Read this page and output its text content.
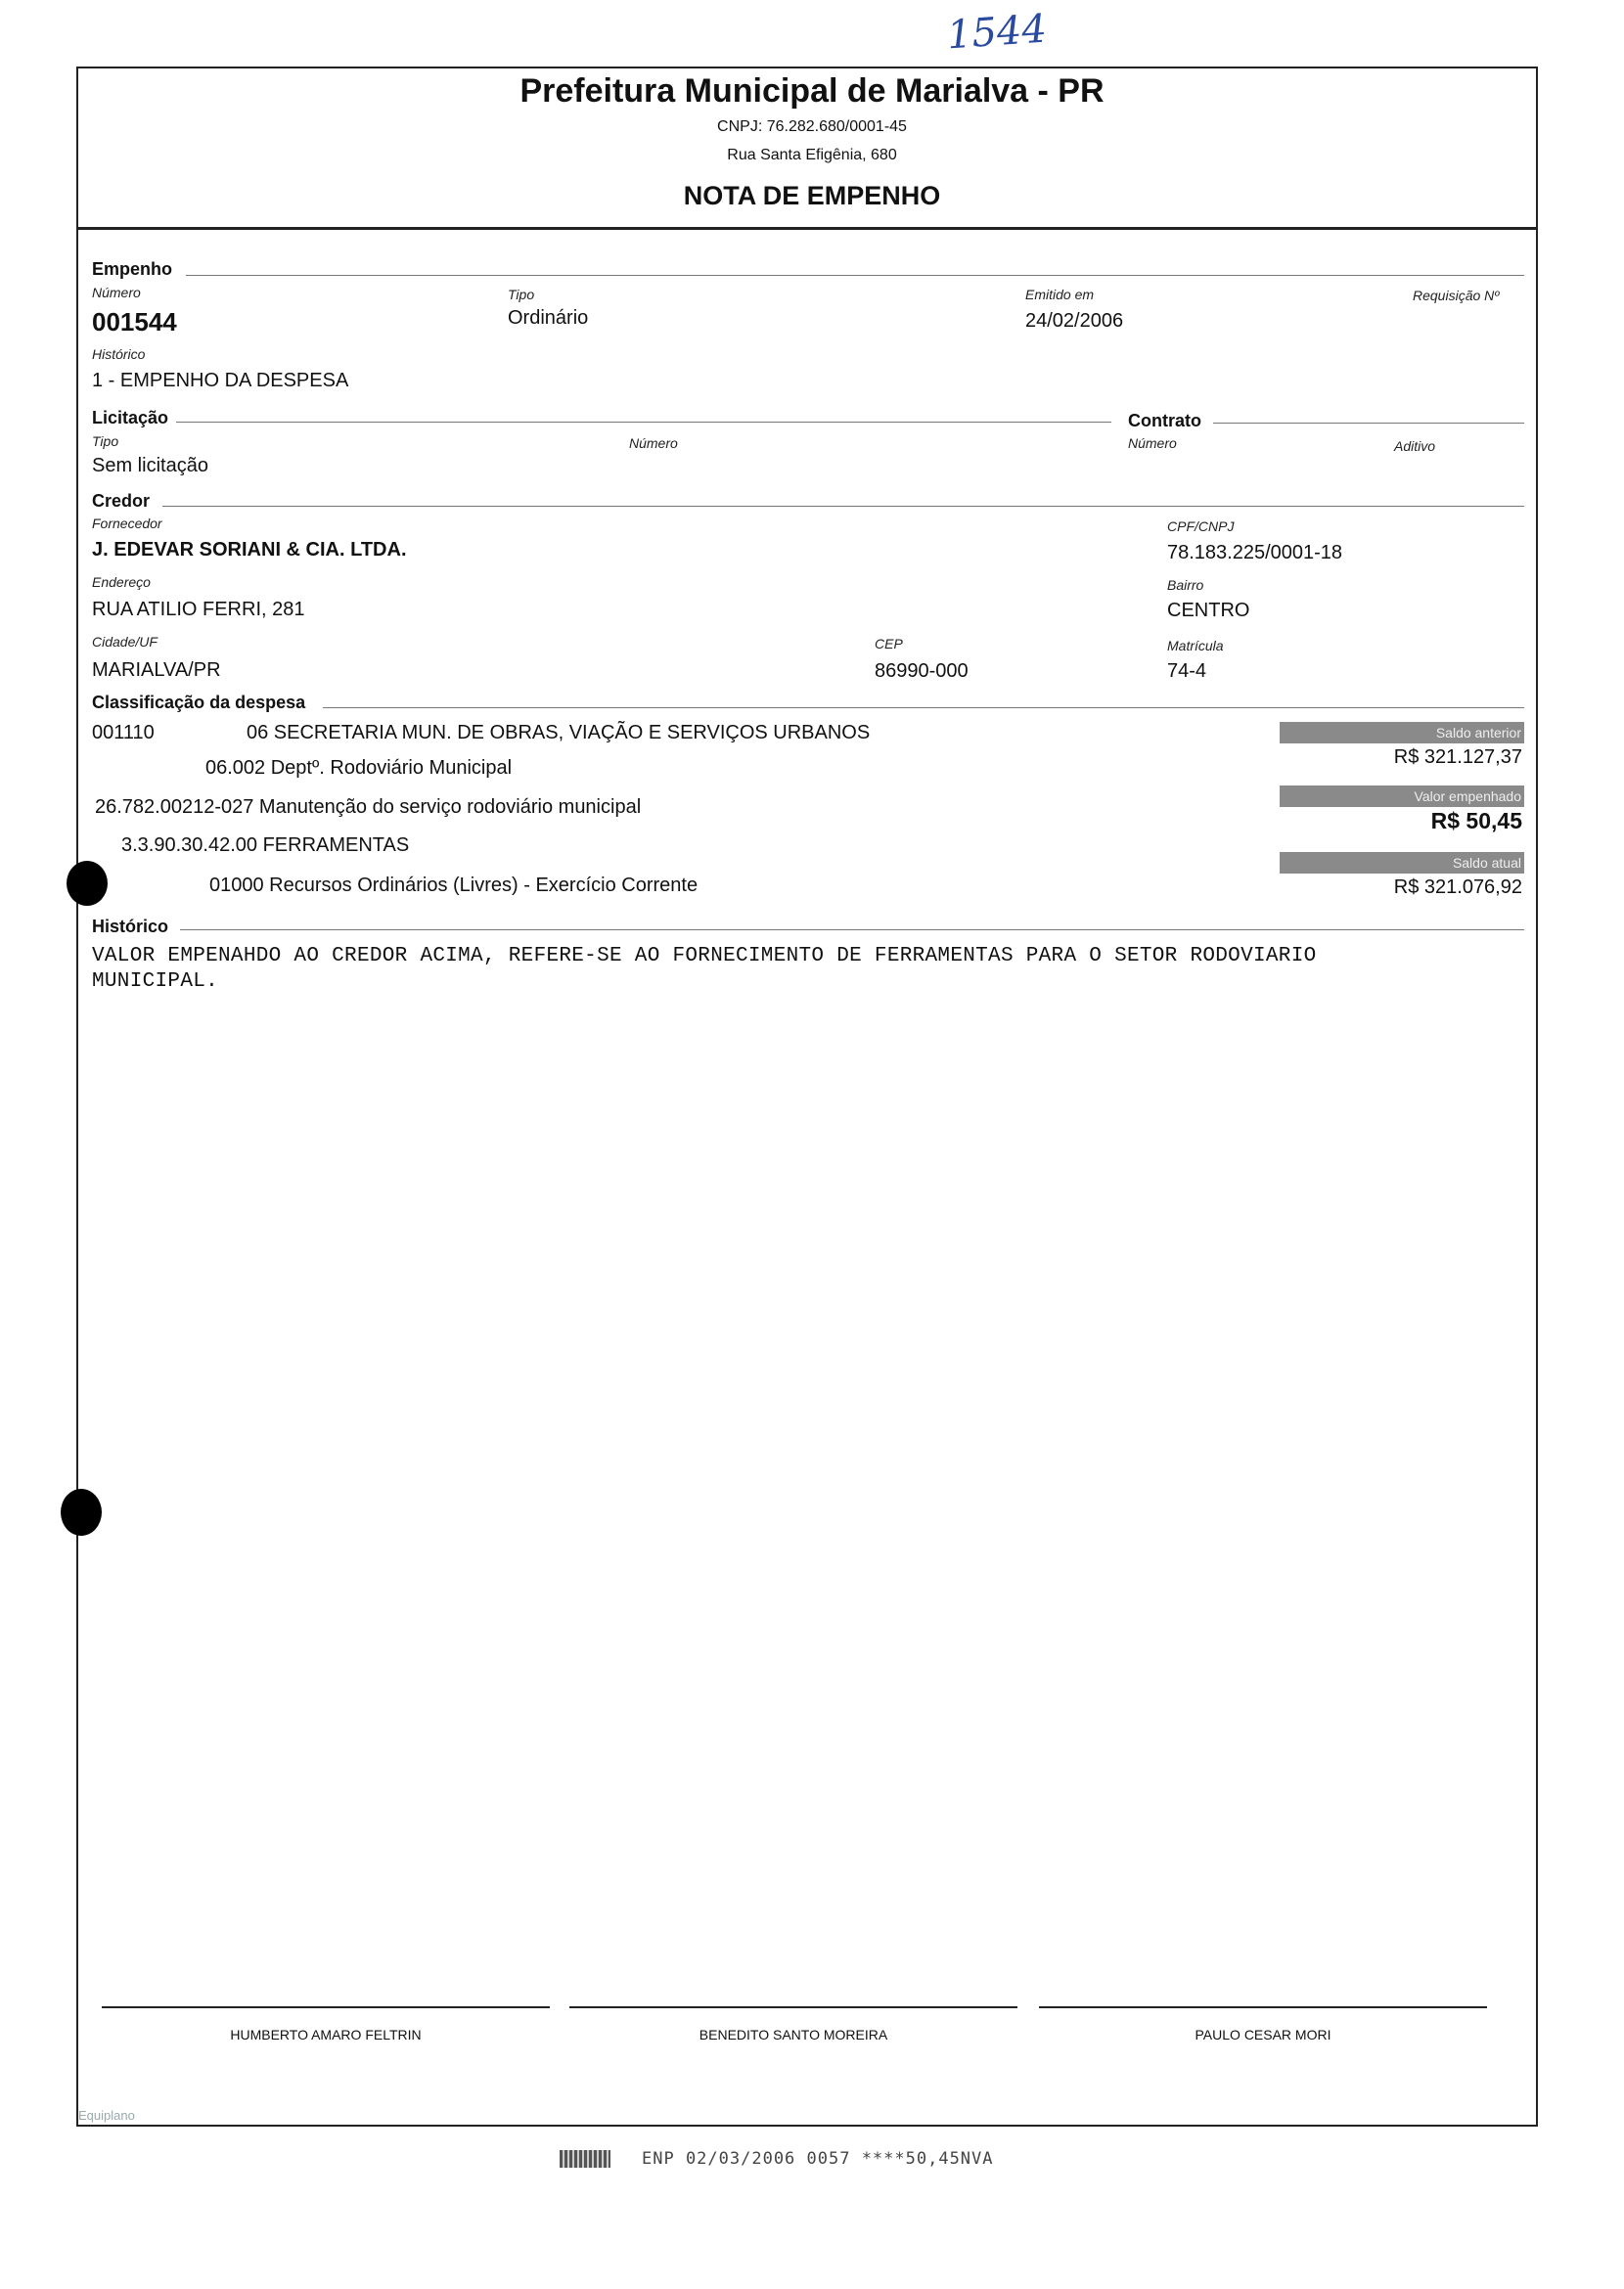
1544
Prefeitura Municipal de Marialva - PR
CNPJ: 76.282.680/0001-45
Rua Santa Efigênia, 680
NOTA DE EMPENHO
Empenho
Número
001544
Tipo
Ordinário
Emitido em
24/02/2006
Requisição Nº
Histórico
1 - EMPENHO DA DESPESA
Licitação	Contrato
Tipo
Sem licitação
Número	Número	Aditivo
Credor
Fornecedor
J. EDEVAR SORIANI & CIA. LTDA.
CPF/CNPJ
78.183.225/0001-18
Endereço
RUA ATILIO FERRI, 281
Bairro
CENTRO
Cidade/UF
MARIALVA/PR
CEP
86990-000
Matrícula
74-4
Classificação da despesa
001110	06 SECRETARIA MUN. DE OBRAS, VIAÇÃO E SERVIÇOS URBANOS
06.002 Deptº. Rodoviário Municipal
26.782.00212-027 Manutenção do serviço rodoviário municipal
3.3.90.30.42.00 FERRAMENTAS
01000 Recursos Ordinários (Livres) - Exercício Corrente
Saldo anterior
R$ 321.127,37
Valor empenhado
R$ 50,45
Saldo atual
R$ 321.076,92
Histórico
VALOR EMPENAHDO AO CREDOR ACIMA, REFERE-SE AO FORNECIMENTO DE FERRAMENTAS PARA O SETOR RODOVIARIO
MUNICIPAL.
HUMBERTO AMARO FELTRIN	BENEDITO SANTO MOREIRA	PAULO CESAR MORI
Equiplano
ENP 02/03/2006 0057 ****50,45NVA
